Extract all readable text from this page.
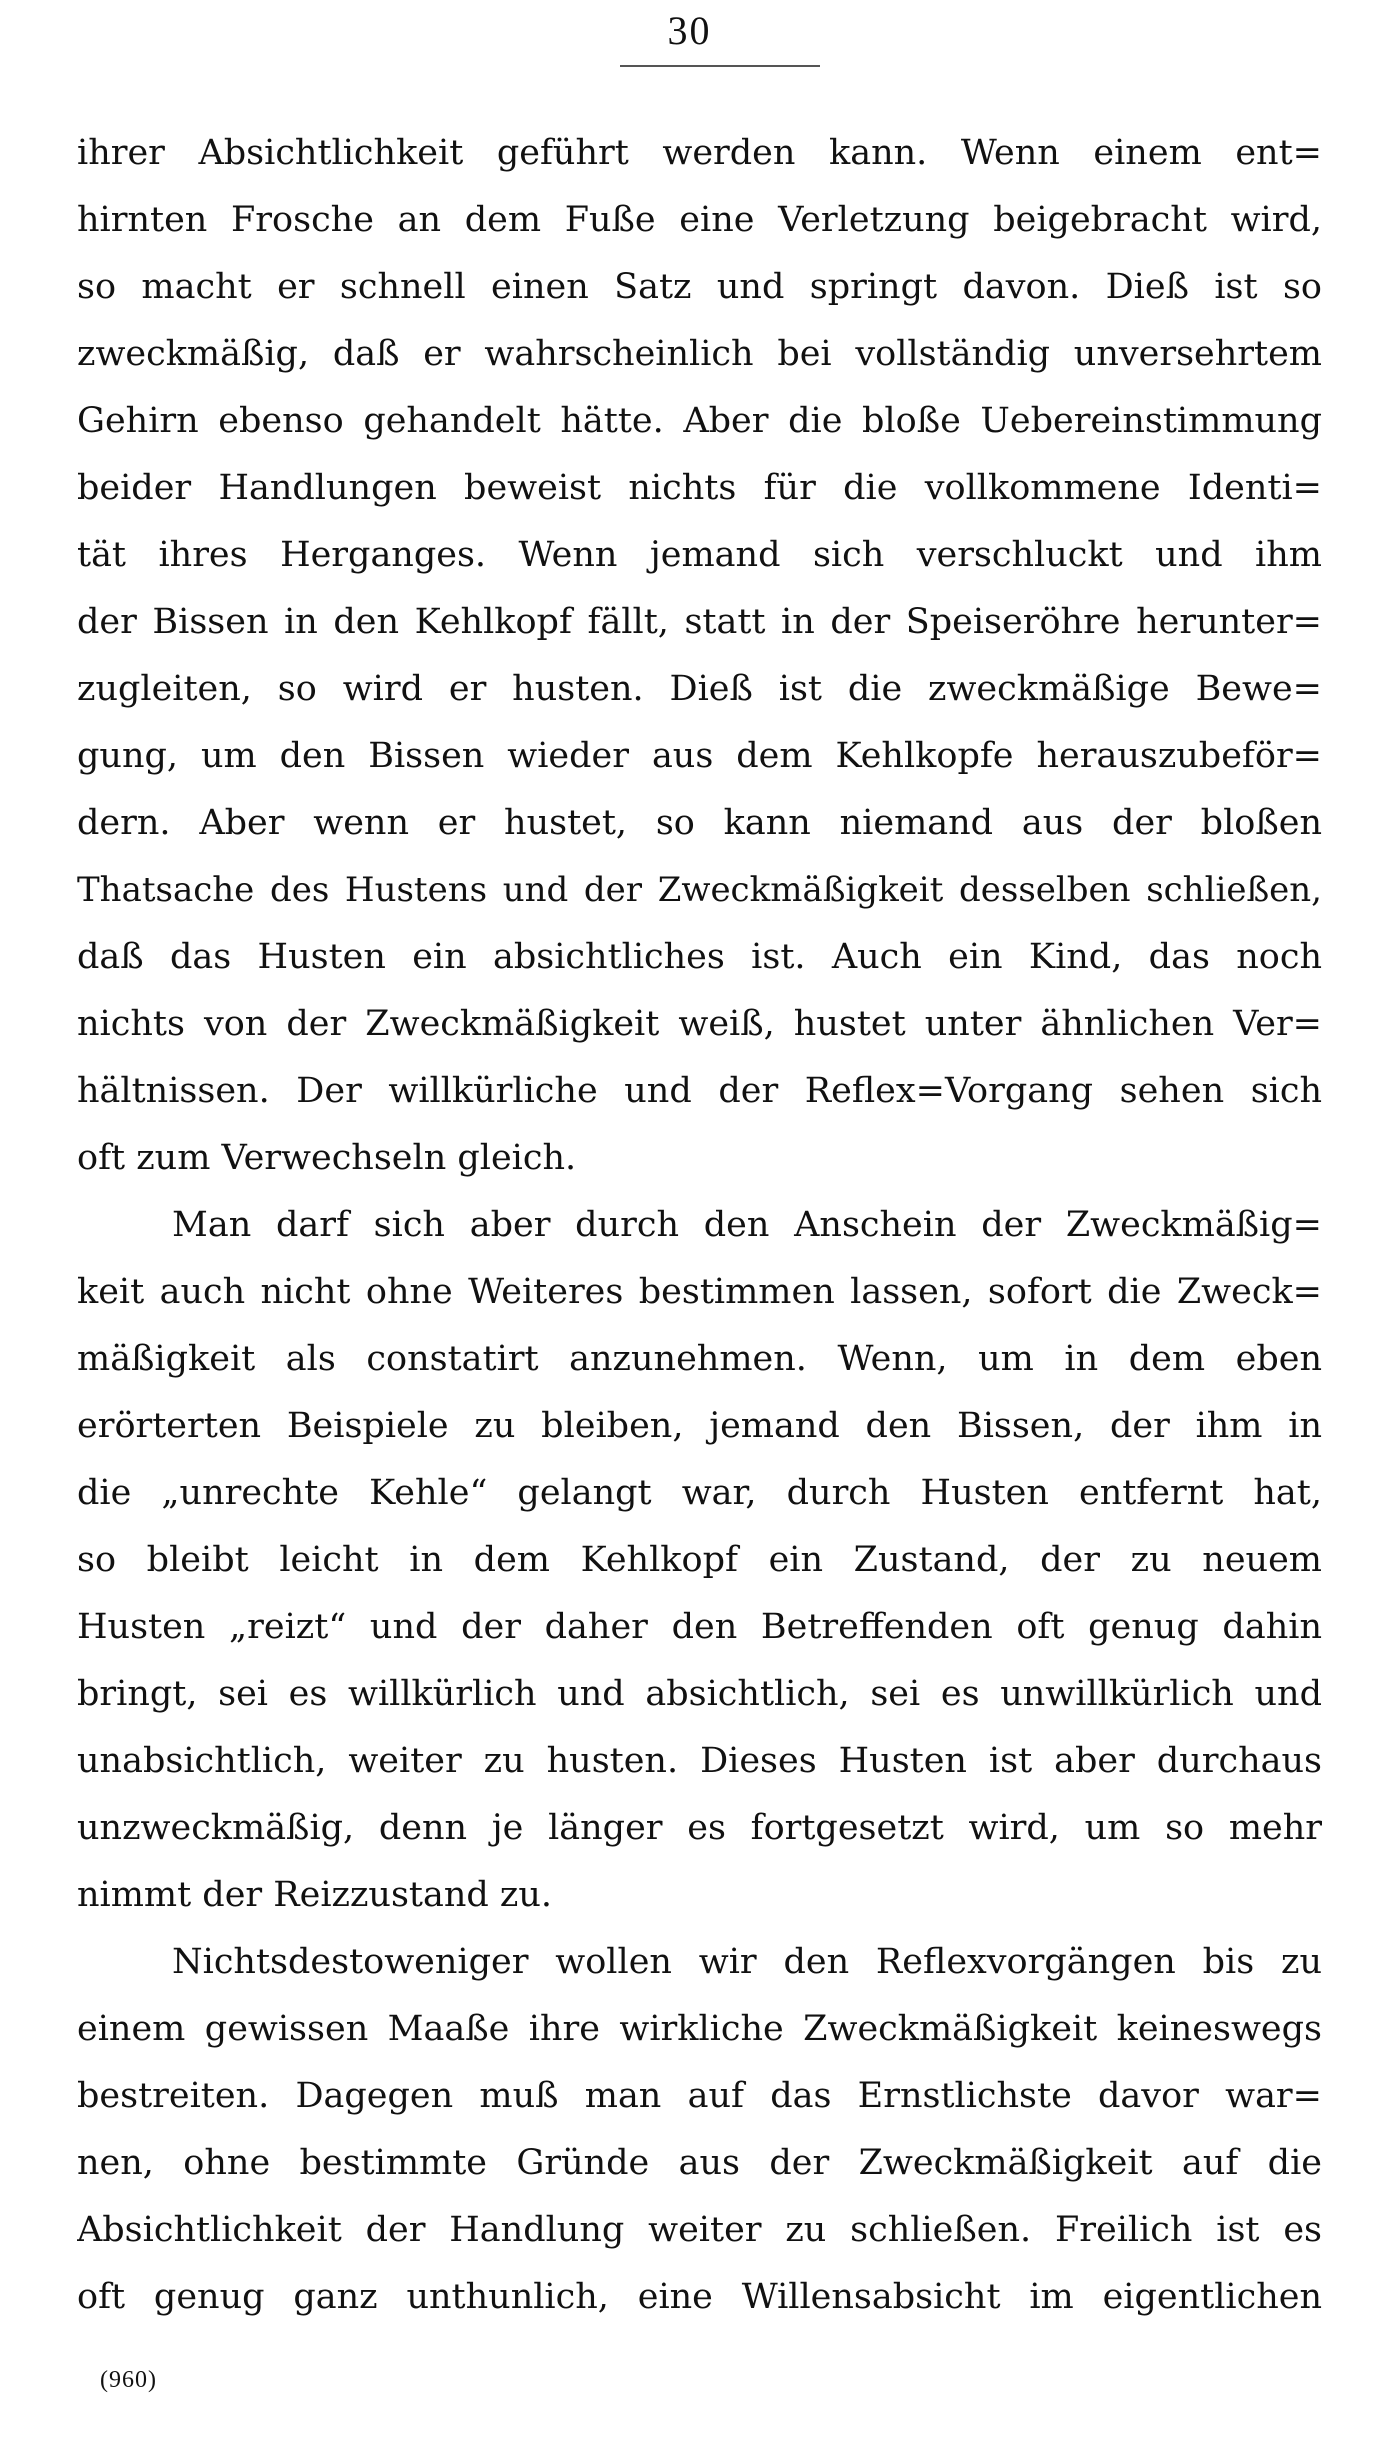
30
ihrer Absichtlichkeit geführt werden kann. Wenn einem ent=
hirnten Frosche an dem Fuße eine Verletzung beigebracht wird,
so macht er schnell einen Satz und springt davon. Dieß ist so
zweckmäßig, daß er wahrscheinlich bei vollständig unversehrtem
Gehirn ebenso gehandelt hätte. Aber die bloße Uebereinstimmung
beider Handlungen beweist nichts für die vollkommene Identi=
tät ihres Herganges. Wenn jemand sich verschluckt und ihm
der Bissen in den Kehlkopf fällt, statt in der Speiseröhre herunter=
zugleiten, so wird er husten. Dieß ist die zweckmäßige Bewe=
gung, um den Bissen wieder aus dem Kehlkopfe herauszubeför=
dern. Aber wenn er hustet, so kann niemand aus der bloßen
Thatsache des Hustens und der Zweckmäßigkeit desselben schließen,
daß das Husten ein absichtliches ist. Auch ein Kind, das noch
nichts von der Zweckmäßigkeit weiß, hustet unter ähnlichen Ver=
hältnissen. Der willkürliche und der Reflex=Vorgang sehen sich
oft zum Verwechseln gleich.
Man darf sich aber durch den Anschein der Zweckmäßig=
keit auch nicht ohne Weiteres bestimmen lassen, sofort die Zweck=
mäßigkeit als constatirt anzunehmen. Wenn, um in dem eben
erörterten Beispiele zu bleiben, jemand den Bissen, der ihm in
die „unrechte Kehle“ gelangt war, durch Husten entfernt hat,
so bleibt leicht in dem Kehlkopf ein Zustand, der zu neuem
Husten „reizt“ und der daher den Betreffenden oft genug dahin
bringt, sei es willkürlich und absichtlich, sei es unwillkürlich und
unabsichtlich, weiter zu husten. Dieses Husten ist aber durchaus
unzweckmäßig, denn je länger es fortgesetzt wird, um so mehr
nimmt der Reizzustand zu.
Nichtsdestoweniger wollen wir den Reflexvorgängen bis zu
einem gewissen Maaße ihre wirkliche Zweckmäßigkeit keineswegs
bestreiten. Dagegen muß man auf das Ernstlichste davor war=
nen, ohne bestimmte Gründe aus der Zweckmäßigkeit auf die
Absichtlichkeit der Handlung weiter zu schließen. Freilich ist es
oft genug ganz unthunlich, eine Willensabsicht im eigentlichen
(960)
